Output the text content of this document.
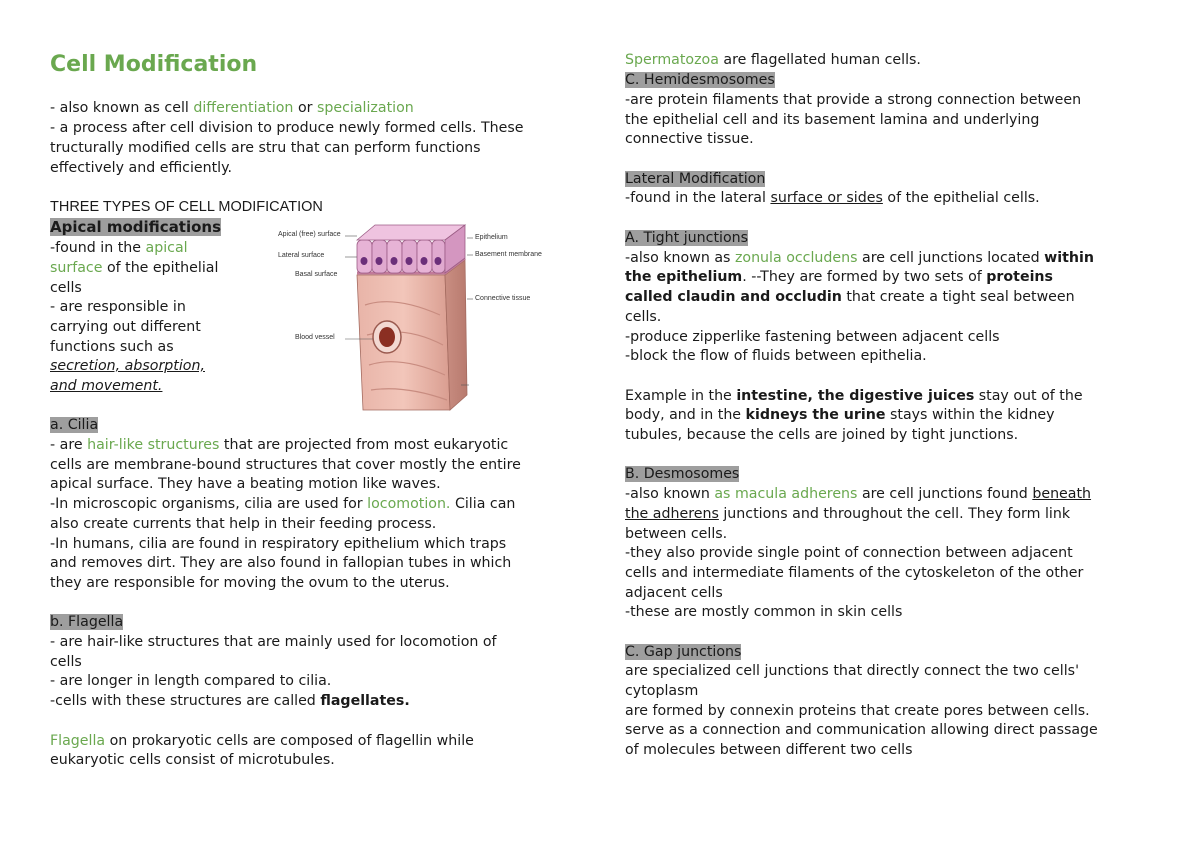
Cell Modification
- also known as cell differentiation or specialization
- a process after cell division to produce newly formed cells. These
tructurally modified cells are stru that can perform functions
effectively and efficiently.
THREE TYPES OF CELL MODIFICATION
Apical modifications
-found in the apical
surface of the epithelial
cells
- are responsible in
carrying out different
functions such as
secretion, absorption,
and movement.
a. Cilia
- are hair-like structures that are projected from most eukaryotic
cells are membrane-bound structures that cover mostly the entire
apical surface. They have a beating motion like waves.
-In microscopic organisms, cilia are used for locomotion. Cilia can
also create currents that help in their feeding process.
-In humans, cilia are found in respiratory epithelium which traps
and removes dirt. They are also found in fallopian tubes in which
they are responsible for moving the ovum to the uterus.
b. Flagella
- are hair-like structures that are mainly used for locomotion of
cells
- are longer in length compared to cilia.
-cells with these structures are called flagellates.
Flagella on prokaryotic cells are composed of flagellin while
eukaryotic cells consist of microtubules.
Apical (free) surface
Lateral surface
Basal surface
Blood vessel
Epithelium
Basement membrane
Connective tissue
Spermatozoa are flagellated human cells.
C. Hemidesmosomes
-are protein filaments that provide a strong connection between
the epithelial cell and its basement lamina and underlying
connective tissue.
Lateral Modification
-found in the lateral surface or sides of the epithelial cells.
A. Tight junctions
-also known as zonula occludens are cell junctions located within
the epithelium. --They are formed by two sets of proteins
called claudin and occludin that create a tight seal between
cells.
-produce zipperlike fastening between adjacent cells
-block the flow of fluids between epithelia.
Example in the intestine, the digestive juices stay out of the
body, and in the kidneys the urine stays within the kidney
tubules, because the cells are joined by tight junctions.
B. Desmosomes
-also known as macula adherens are cell junctions found beneath
the adherens junctions and throughout the cell. They form link
between cells.
-they also provide single point of connection between adjacent
cells and intermediate filaments of the cytoskeleton of the other
adjacent cells
-these are mostly common in skin cells
C. Gap junctions
are specialized cell junctions that directly connect the two cells'
cytoplasm
are formed by connexin proteins that create pores between cells.
serve as a connection and communication allowing direct passage
of molecules between different two cells
